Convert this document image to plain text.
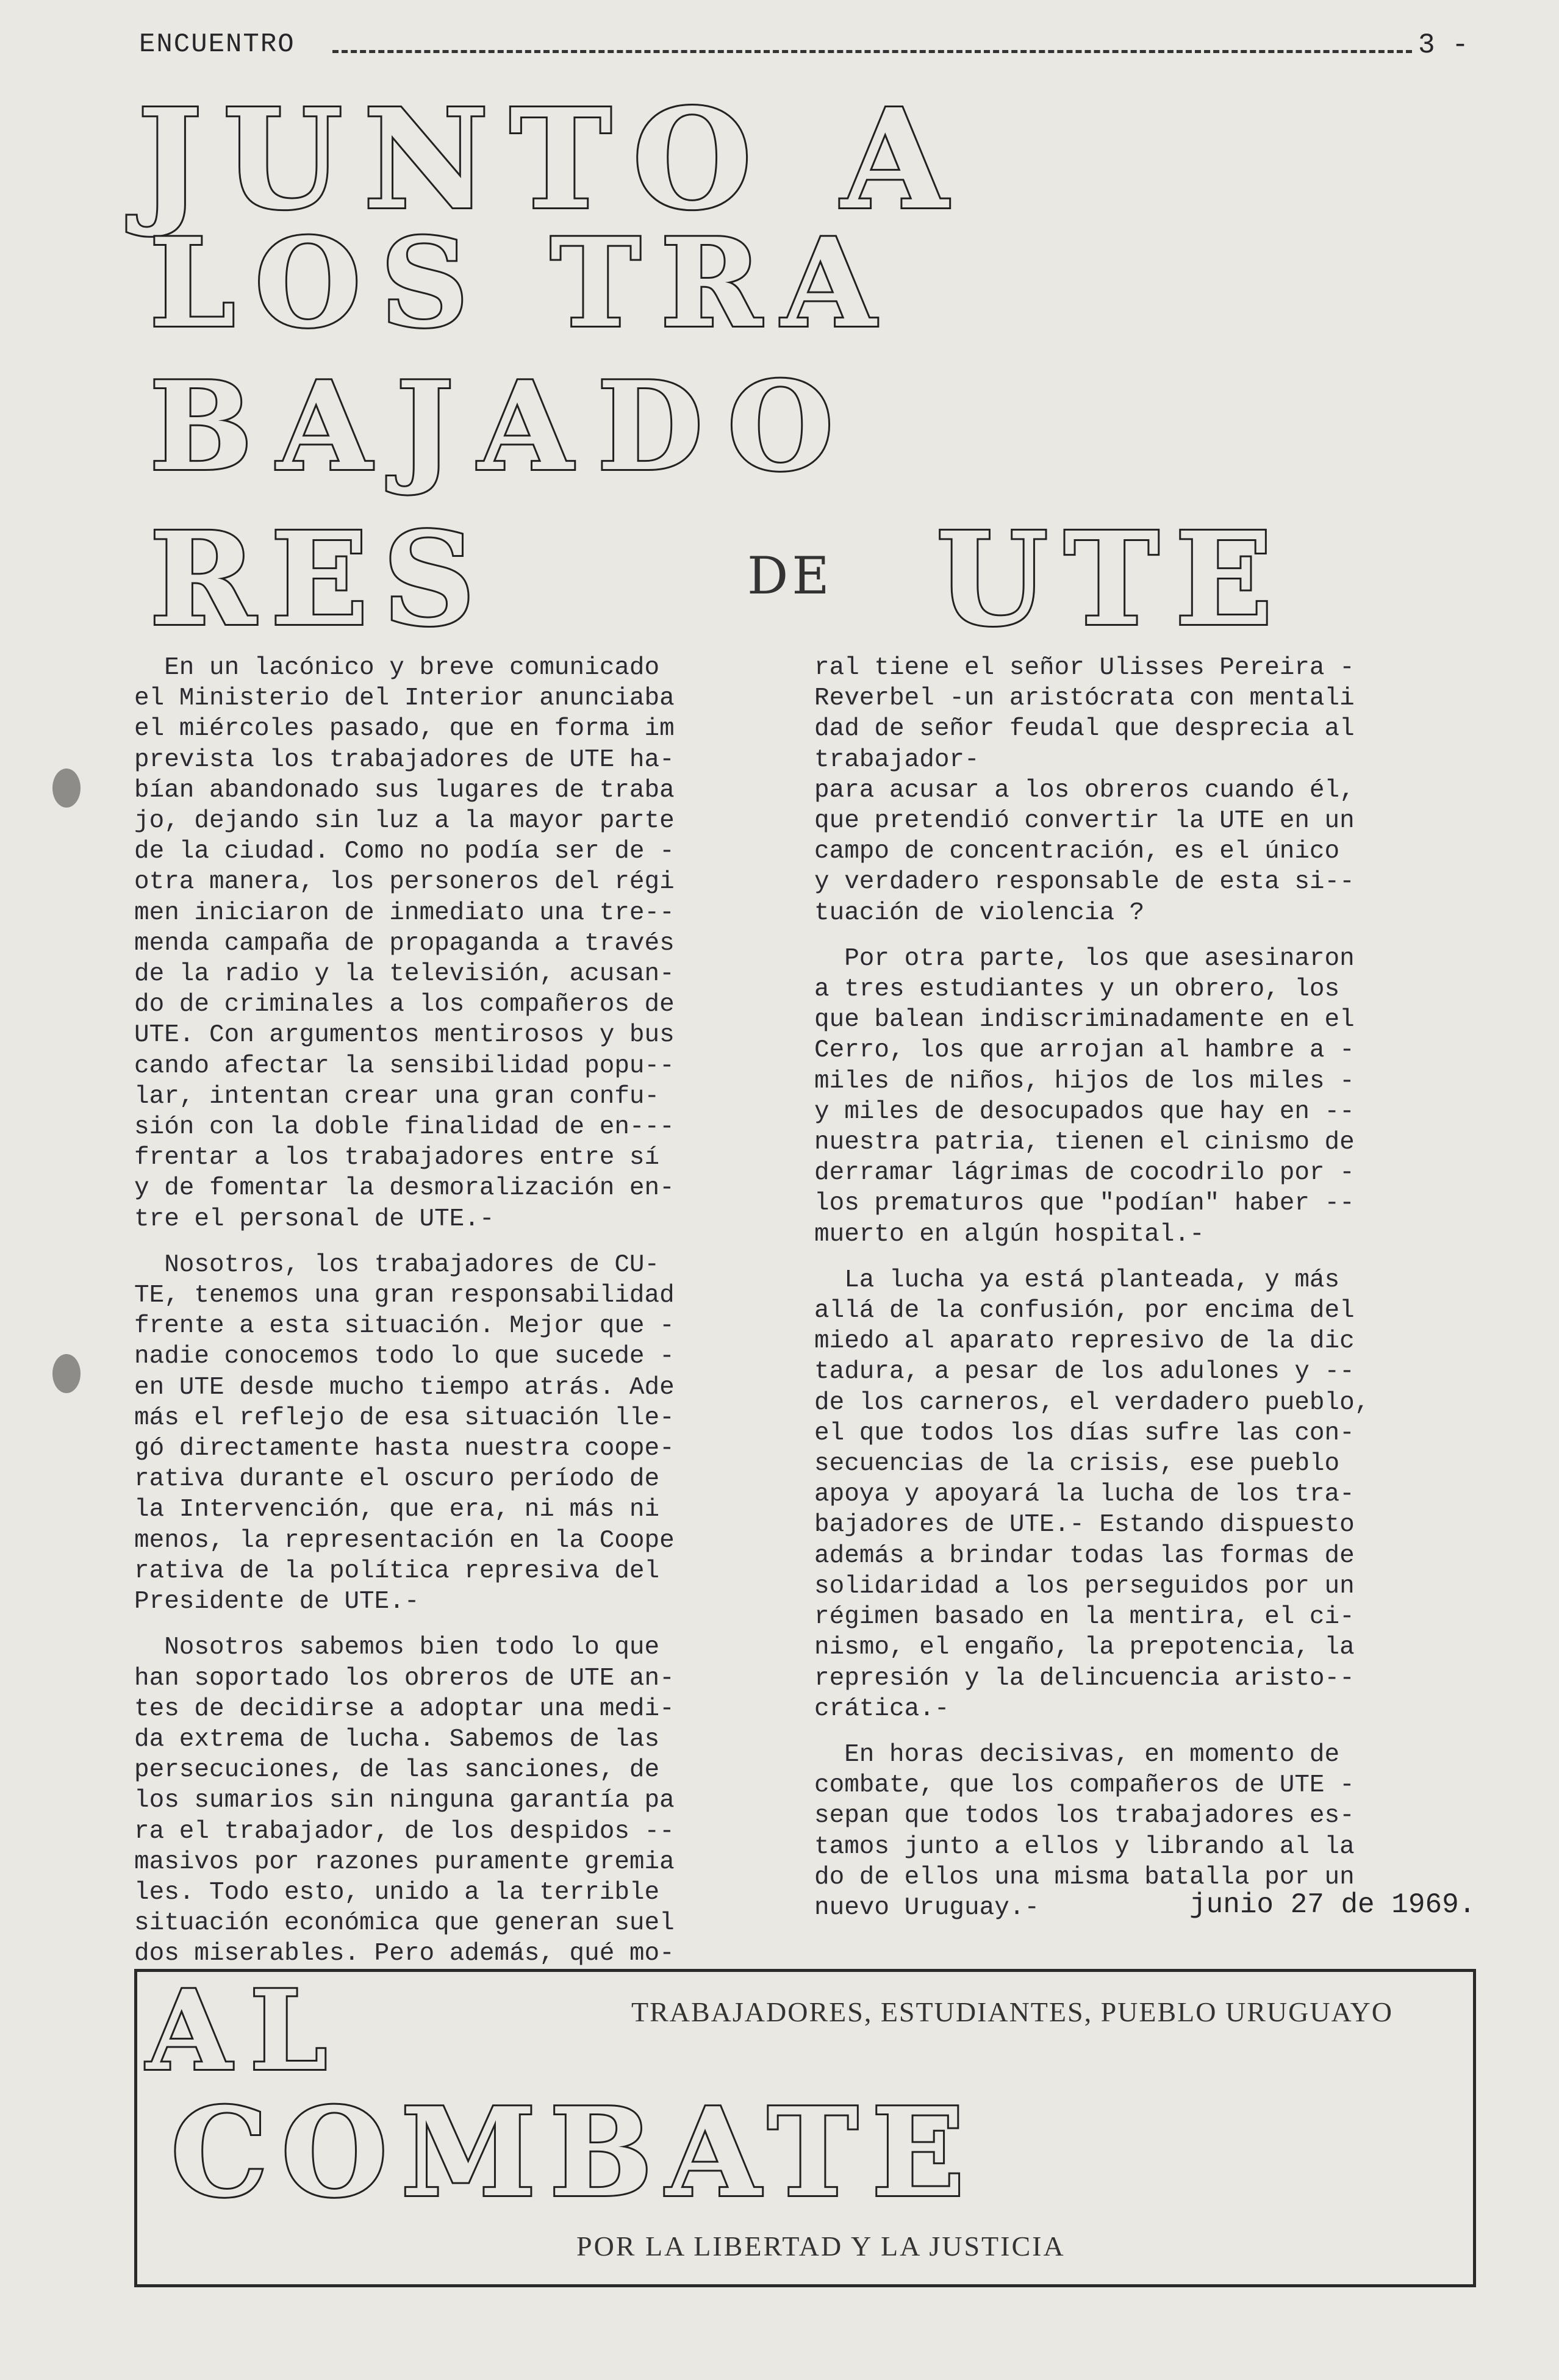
ENCUENTRO	3 -
JUNTO A
LOS TRA
BAJADO
RES	DE UTE

En un lacónico y breve comunicado

el Ministerio del Interior anunciaba

el miércoles pasado, que en forma im

prevista los trabajadores de UTE ha-

bían abandonado sus lugares de traba

jo, dejando sin luz a la mayor parte

de la ciudad. Como no podía ser de -

otra manera, los personeros del régi

men iniciaron de inmediato una tre--

menda campaña de propaganda a través

de la radio y la televisión, acusan-

do de criminales a los compañeros de

UTE. Con argumentos mentirosos y bus

cando afectar la sensibilidad popu--

lar, intentan crear una gran confu-

sión con la doble finalidad de en---

frentar a los trabajadores entre sí

y de fomentar la desmoralización en-

tre el personal de UTE.-

Nosotros, los trabajadores de CU-

TE, tenemos una gran responsabilidad

frente a esta situación. Mejor que -

nadie conocemos todo lo que sucede -

en UTE desde mucho tiempo atrás. Ade

más el reflejo de esa situación lle-

gó directamente hasta nuestra coope-

rativa durante el oscuro período de

la Intervención, que era, ni más ni

menos, la representación en la Coope

rativa de la política represiva del

Presidente de UTE.-

Nosotros sabemos bien todo lo que

han soportado los obreros de UTE an-

tes de decidirse a adoptar una medi-

da extrema de lucha. Sabemos de las

persecuciones, de las sanciones, de

los sumarios sin ninguna garantía pa

ra el trabajador, de los despidos --

masivos por razones puramente gremia

les. Todo esto, unido a la terrible

situación económica que generan suel

dos miserables. Pero además, qué mo-

ral tiene el señor Ulisses Pereira -

Reverbel -un aristócrata con mentali

dad de señor feudal que desprecia al

trabajador-

para acusar a los obreros cuando él,

que pretendió convertir la UTE en un

campo de concentración, es el único

y verdadero responsable de esta si--

tuación de violencia ?

Por otra parte, los que asesinaron

a tres estudiantes y un obrero, los

que balean indiscriminadamente en el

Cerro, los que arrojan al hambre a -

miles de niños, hijos de los miles -

y miles de desocupados que hay en --

nuestra patria, tienen el cinismo de

derramar lágrimas de cocodrilo por -

los prematuros que "podían" haber --

muerto en algún hospital.-

La lucha ya está planteada, y más

allá de la confusión, por encima del

miedo al aparato represivo de la dic

tadura, a pesar de los adulones y --

de los carneros, el verdadero pueblo,

el que todos los días sufre las con-

secuencias de la crisis, ese pueblo

apoya y apoyará la lucha de los tra-

bajadores de UTE.- Estando dispuesto

además a brindar todas las formas de

solidaridad a los perseguidos por un

régimen basado en la mentira, el ci-

nismo, el engaño, la prepotencia, la

represión y la delincuencia aristo--

crática.-

En horas decisivas, en momento de

combate, que los compañeros de UTE -

sepan que todos los trabajadores es-

tamos junto a ellos y librando al la

do de ellos una misma batalla por un

nuevo Uruguay.-	junio 27 de 1969.
AL	TRABAJADORES, ESTUDIANTES, PUEBLO URUGUAYO
COMBATE
POR LA LIBERTAD Y LA JUSTICIA
